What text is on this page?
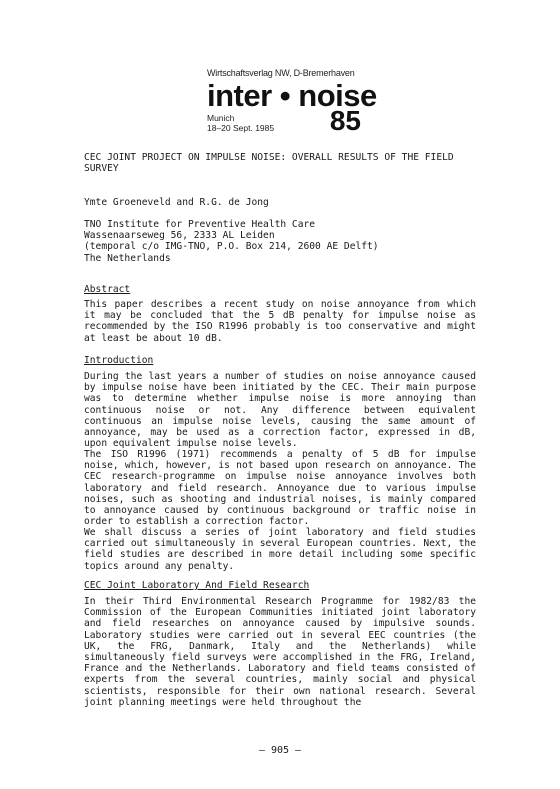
Wirtschaftsverlag NW, D-Bremerhaven
inter • noise
Munich
18–20 Sept. 1985 85

CEC JOINT PROJECT ON IMPULSE NOISE: OVERALL RESULTS OF THE FIELD SURVEY

Ymte Groeneveld and R.G. de Jong

TNO Institute for Preventive Health Care
Wassenaarseweg 56, 2333 AL Leiden
(temporal c/o IMG-TNO, P.O. Box 214, 2600 AE Delft)
The Netherlands

Abstract

This paper describes a recent study on noise annoyance from which it may be concluded that the 5 dB penalty for impulse noise as recommended by the ISO R1996 probably is too conservative and might at least be about 10 dB.

Introduction

During the last years a number of studies on noise annoyance caused by impulse noise have been initiated by the CEC. Their main purpose was to determine whether impulse noise is more annoying than continuous noise or not. Any difference between equivalent continuous an impulse noise levels, causing the same amount of annoyance, may be used as a correction factor, expressed in dB, upon equivalent impulse noise levels.

The ISO R1996 (1971) recommends a penalty of 5 dB for impulse noise, which, however, is not based upon research on annoyance. The CEC research-programme on impulse noise annoyance involves both laboratory and field research. Annoyance due to various impulse noises, such as shooting and industrial noises, is mainly compared to annoyance caused by continuous background or traffic noise in order to establish a correction factor.

We shall discuss a series of joint laboratory and field studies carried out simultaneously in several European countries. Next, the field studies are described in more detail including some specific topics around any penalty.

CEC Joint Laboratory And Field Research

In their Third Environmental Research Programme for 1982/83 the Commission of the European Communities initiated joint laboratory and field researches on annoyance caused by impulsive sounds. Laboratory studies were carried out in several EEC countries (the UK, the FRG, Danmark, Italy and the Netherlands) while simultaneously field surveys were accomplished in the FRG, Ireland, France and the Netherlands. Laboratory and field teams consisted of experts from the several countries, mainly social and physical scientists, responsible for their own national research. Several joint planning meetings were held throughout the

– 905 –
